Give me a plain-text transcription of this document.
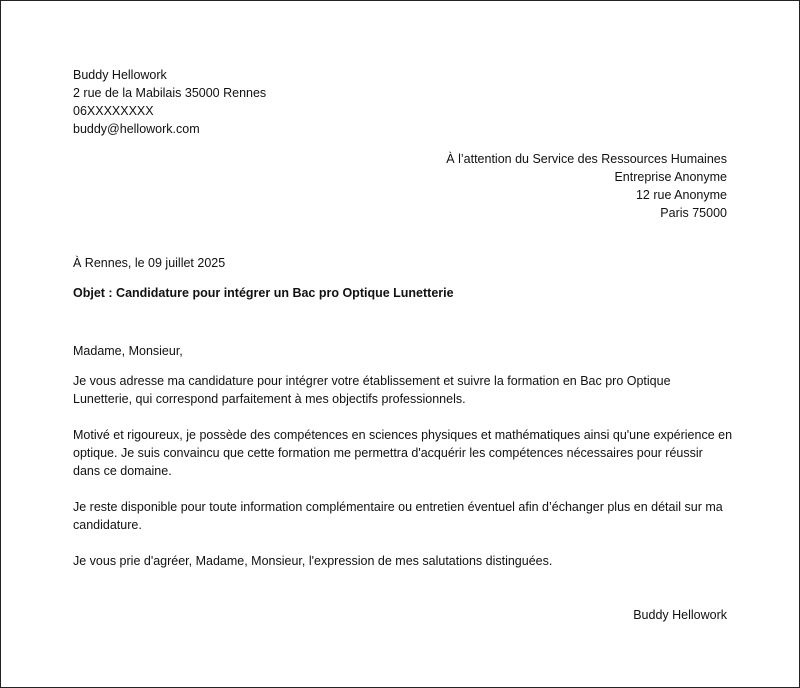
Buddy Hellowork
2 rue de la Mabilais 35000 Rennes
06XXXXXXXX
buddy@hellowork.com
À l’attention du Service des Ressources Humaines
Entreprise Anonyme
12 rue Anonyme
Paris 75000
À Rennes, le 09 juillet 2025
Objet : Candidature pour intégrer un Bac pro Optique Lunetterie
Madame, Monsieur,
Je vous adresse ma candidature pour intégrer votre établissement et suivre la formation en Bac pro Optique Lunetterie, qui correspond parfaitement à mes objectifs professionnels.
Motivé et rigoureux, je possède des compétences en sciences physiques et mathématiques ainsi qu'une expérience en optique. Je suis convaincu que cette formation me permettra d'acquérir les compétences nécessaires pour réussir dans ce domaine.
Je reste disponible pour toute information complémentaire ou entretien éventuel afin d’échanger plus en détail sur ma candidature.
Je vous prie d'agréer, Madame, Monsieur, l'expression de mes salutations distinguées.
Buddy Hellowork
